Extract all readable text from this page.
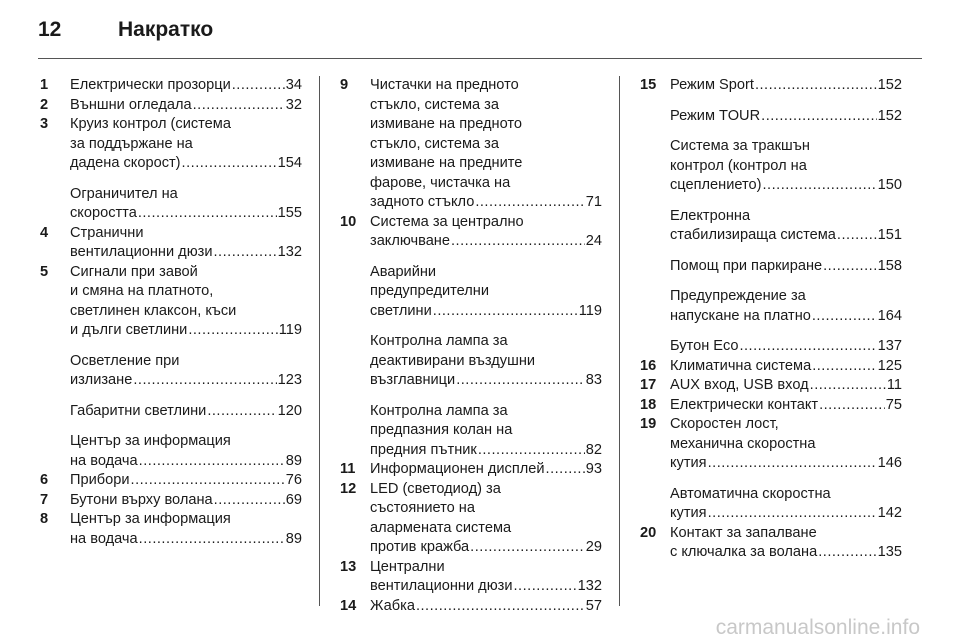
12	Накратко
1	Електрически прозорци .....	34
2	Външни огледала .....	32
3	Круиз контрол (система
за поддържане на
дадена скорост) .....	154
Ограничител на
скоростта .....	155
4	Странични
вентилационни дюзи .....	132
5	Сигнали при завой
и смяна на платното,
светлинен клаксон, къси
и дълги светлини .....	119
Осветление при
излизане .....	123
Габаритни светлини .....	120
Център за информация
на водача .....	89
6	Прибори .....	76
7	Бутони върху волана .....	69
8	Център за информация
на водача .....	89
9	Чистачки на предното
стъкло, система за
измиване на предното
стъкло, система за
измиване на предните
фарове, чистачка на
задното стъкло .....	71
10 Система за централно
заключване .....	24
Аварийни
предупредителни
светлини .....	119
Контролна лампа за
деактивирани въздушни
възглавници .....	83
Контролна лампа за
предпазния колан на
предния пътник .....	82
11 Информационен дисплей .....	93
12 LED (светодиод) за
състоянието на
алармената система
против кражба .....	29
13 Централни
вентилационни дюзи .....	132
14 Жабка .....	57
15 Режим Sport .....	152
Режим TOUR .....	152
Система за тракшън
контрол (контрол на
сцеплението) .....	150
Електронна
стабилизираща система .....	151
Помощ при паркиране .....	158
Предупреждение за
напускане на платно .....	164
Бутон Eco .....	137
16 Климатична система .....	125
17 AUX вход, USB вход .....	11
18 Електрически контакт .....	75
19 Скоростен лост,
механична скоростна
кутия .....	146
Автоматична скоростна
кутия .....	142
20 Контакт за запалване
с ключалка за волана .....	135
carmanualsonline.info
